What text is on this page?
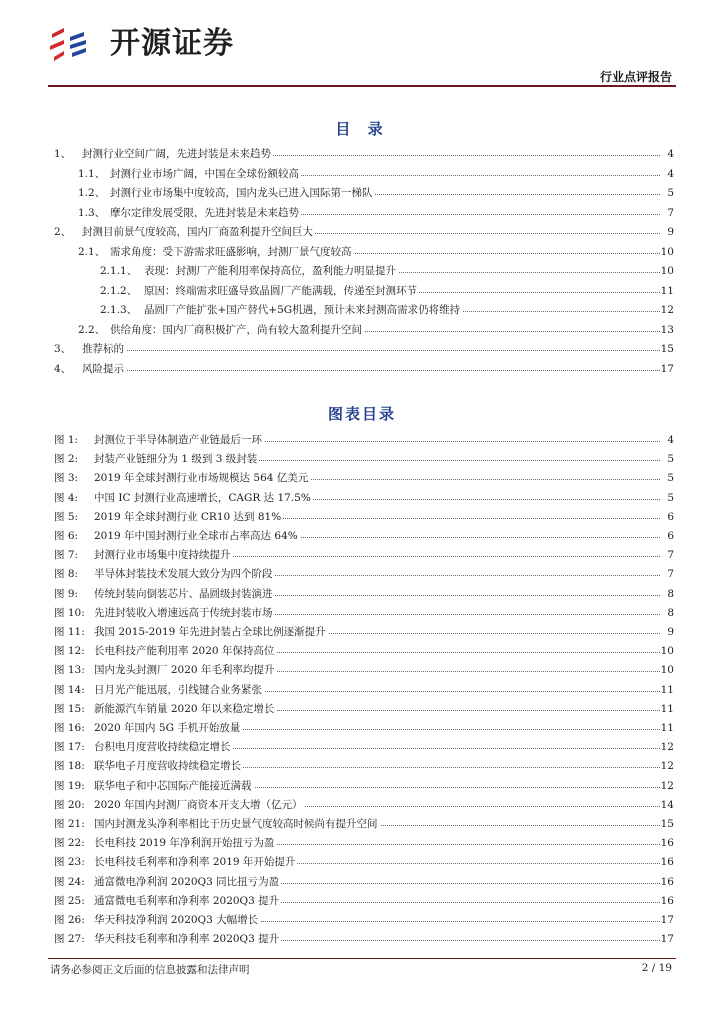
开源证券
行业点评报告
目 录
1、 封测行业空间广阔，先进封装是未来趋势	4
1.1、 封测行业市场广阔，中国在全球份额较高	4
1.2、 封测行业市场集中度较高，国内龙头已进入国际第一梯队	5
1.3、 摩尔定律发展受限，先进封装是未来趋势	7
2、 封测目前景气度较高，国内厂商盈利提升空间巨大	9
2.1、 需求角度：受下游需求旺盛影响，封测厂景气度较高	10
2.1.1、 表现：封测厂产能利用率保持高位，盈利能力明显提升	10
2.1.2、 原因：终端需求旺盛导致晶圆厂产能满载，传递至封测环节	11
2.1.3、 晶圆厂产能扩张+国产替代+5G机遇，预计未来封测高需求仍将维持	12
2.2、 供给角度：国内厂商积极扩产，尚有较大盈利提升空间	13
3、 推荐标的	15
4、 风险提示	17
图表目录
图 1: 封测位于半导体制造产业链最后一环	4
图 2: 封装产业链细分为 1 级到 3 级封装	5
图 3: 2019 年全球封测行业市场规模达 564 亿美元	5
图 4: 中国 IC 封测行业高速增长，CAGR 达 17.5%	5
图 5: 2019 年全球封测行业 CR10 达到 81%	6
图 6: 2019 年中国封测行业全球市占率高达 64%	6
图 7: 封测行业市场集中度持续提升	7
图 8: 半导体封装技术发展大致分为四个阶段	7
图 9: 传统封装向倒装芯片、晶圆级封装演进	8
图 10: 先进封装收入增速远高于传统封装市场	8
图 11: 我国 2015-2019 年先进封装占全球比例逐渐提升	9
图 12: 长电科技产能利用率 2020 年保持高位	10
图 13: 国内龙头封测厂 2020 年毛利率均提升	10
图 14: 日月光产能迅展，引线键合业务紧张	11
图 15: 新能源汽车销量 2020 年以来稳定增长	11
图 16: 2020 年国内 5G 手机开始放量	11
图 17: 台积电月度营收持续稳定增长	12
图 18: 联华电子月度营收持续稳定增长	12
图 19: 联华电子和中芯国际产能接近满载	12
图 20: 2020 年国内封测厂商资本开支大增（亿元）	14
图 21: 国内封测龙头净利率相比于历史景气度较高时候尚有提升空间	15
图 22: 长电科技 2019 年净利润开始扭亏为盈	16
图 23: 长电科技毛利率和净利率 2019 年开始提升	16
图 24: 通富微电净利润 2020Q3 同比扭亏为盈	16
图 25: 通富微电毛利率和净利率 2020Q3 提升	16
图 26: 华天科技净利润 2020Q3 大幅增长	17
图 27: 华天科技毛利率和净利率 2020Q3 提升	17
请务必参阅正文后面的信息披露和法律声明	2 / 19
